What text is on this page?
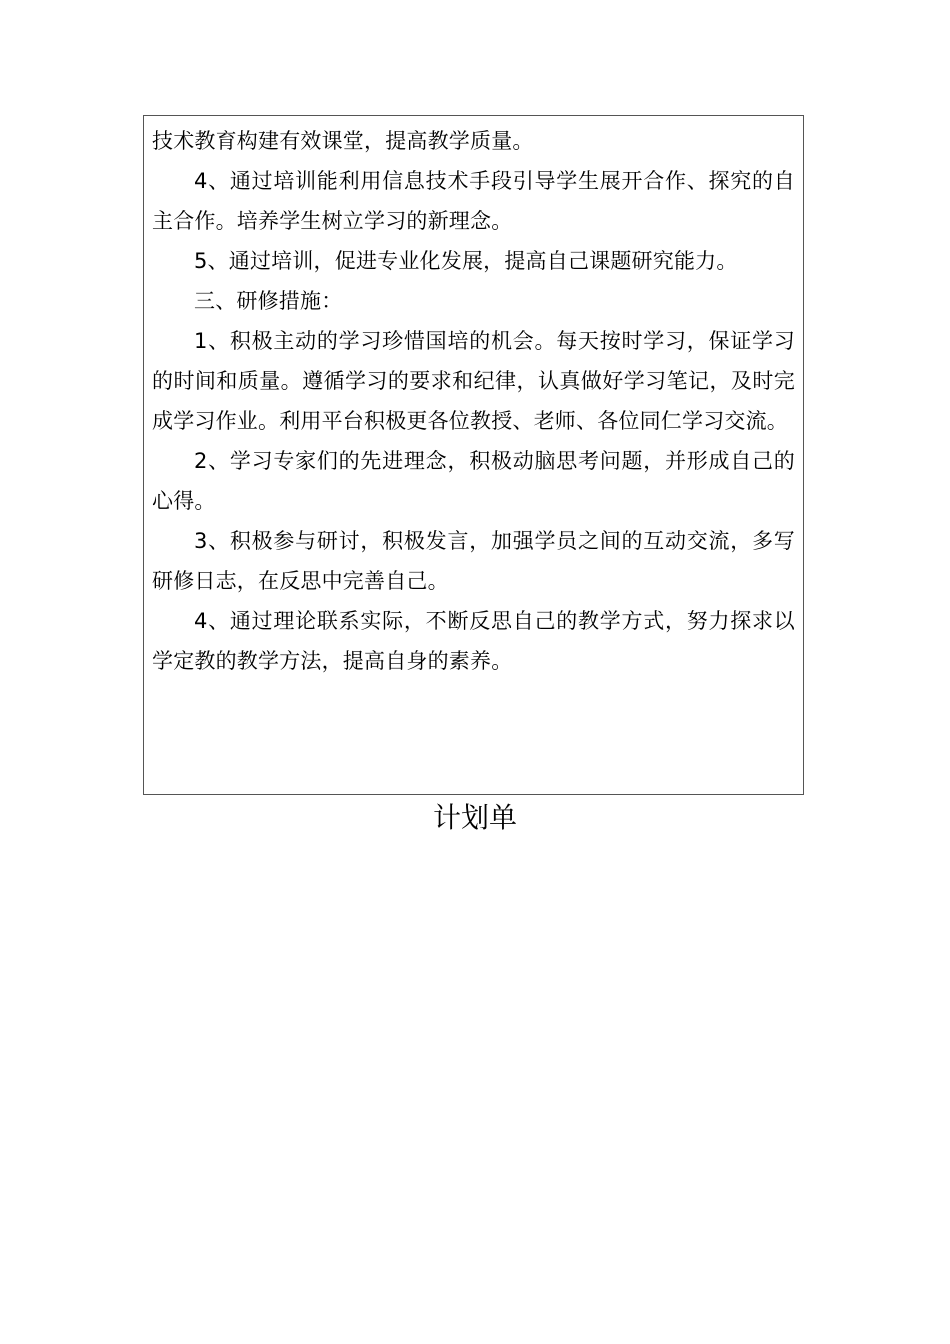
技术教育构建有效课堂，提高教学质量。

4、通过培训能利用信息技术手段引导学生展开合作、探究的自主合作。培养学生树立学习的新理念。

5、通过培训，促进专业化发展，提高自己课题研究能力。

三、研修措施：

1、积极主动的学习珍惜国培的机会。每天按时学习，保证学习的时间和质量。遵循学习的要求和纪律，认真做好学习笔记，及时完成学习作业。利用平台积极更各位教授、老师、各位同仁学习交流。

2、学习专家们的先进理念，积极动脑思考问题，并形成自己的心得。

3、积极参与研讨，积极发言，加强学员之间的互动交流，多写研修日志，在反思中完善自己。

4、通过理论联系实际，不断反思自己的教学方式，努力探求以学定教的教学方法，提高自身的素养。

计划单
